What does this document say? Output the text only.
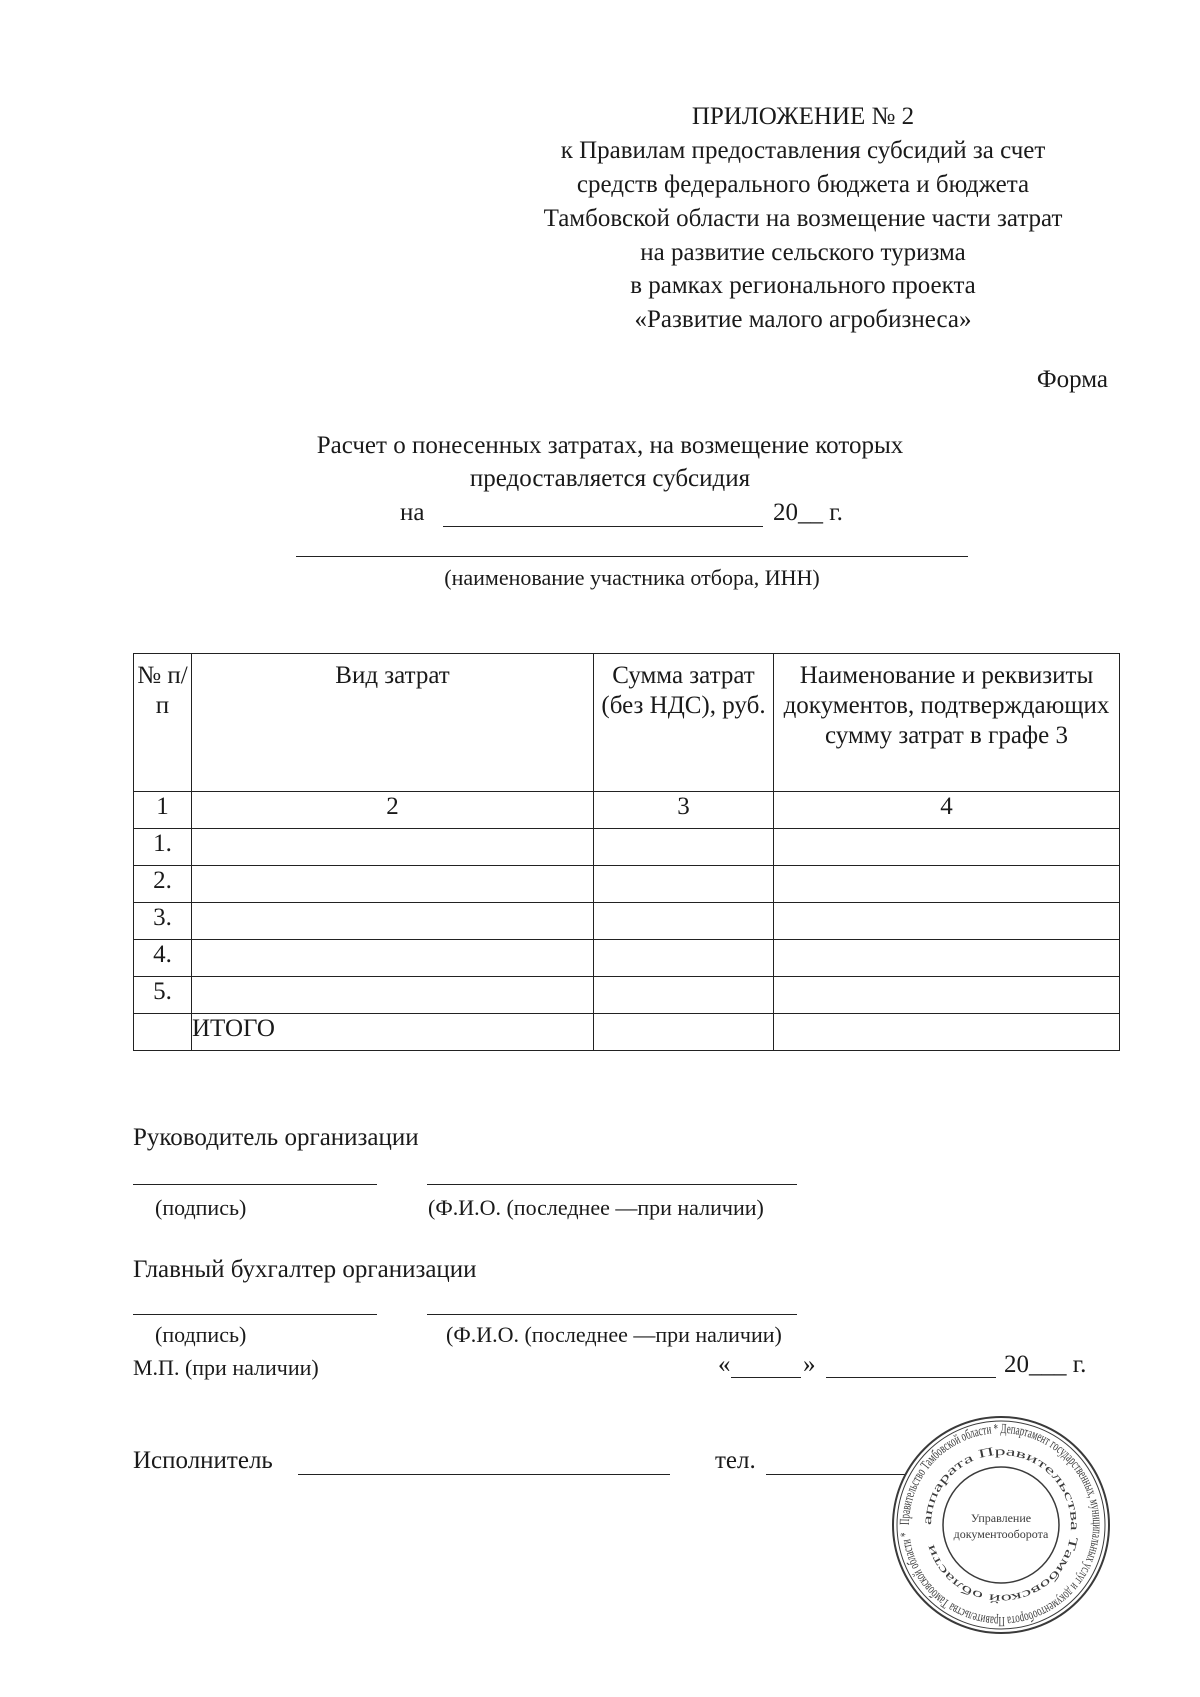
ПРИЛОЖЕНИЕ № 2
к Правилам предоставления субсидий за счет
средств федерального бюджета и бюджета
Тамбовской области на возмещение части затрат
на развитие сельского туризма
в рамках регионального проекта
«Развитие малого агробизнеса»
Форма
Расчет о понесенных затратах, на возмещение которых
предоставляется субсидия
на	20__ г.
(наименование участника отбора, ИНН)
№ п/п	Вид затрат	Сумма затрат (без НДС), руб.	Наименование и реквизиты документов, подтверждающих сумму затрат в графе 3
1	2	3	4
1.			
2.			
3.			
4.			
5.			
	ИТОГО		
Руководитель организации
(подпись)	(Ф.И.О. (последнее —при наличии)
Главный бухгалтер организации
(подпись)	(Ф.И.О. (последнее —при наличии)
М.П. (при наличии)	«	»	20___ г.
Исполнитель	тел.
Правительство Тамбовской области * Департамент государственных, муниципальных услуг и документооборота Правительства Тамбовской области *
аппарата Правительства Тамбовской области
Управление
документооборота
